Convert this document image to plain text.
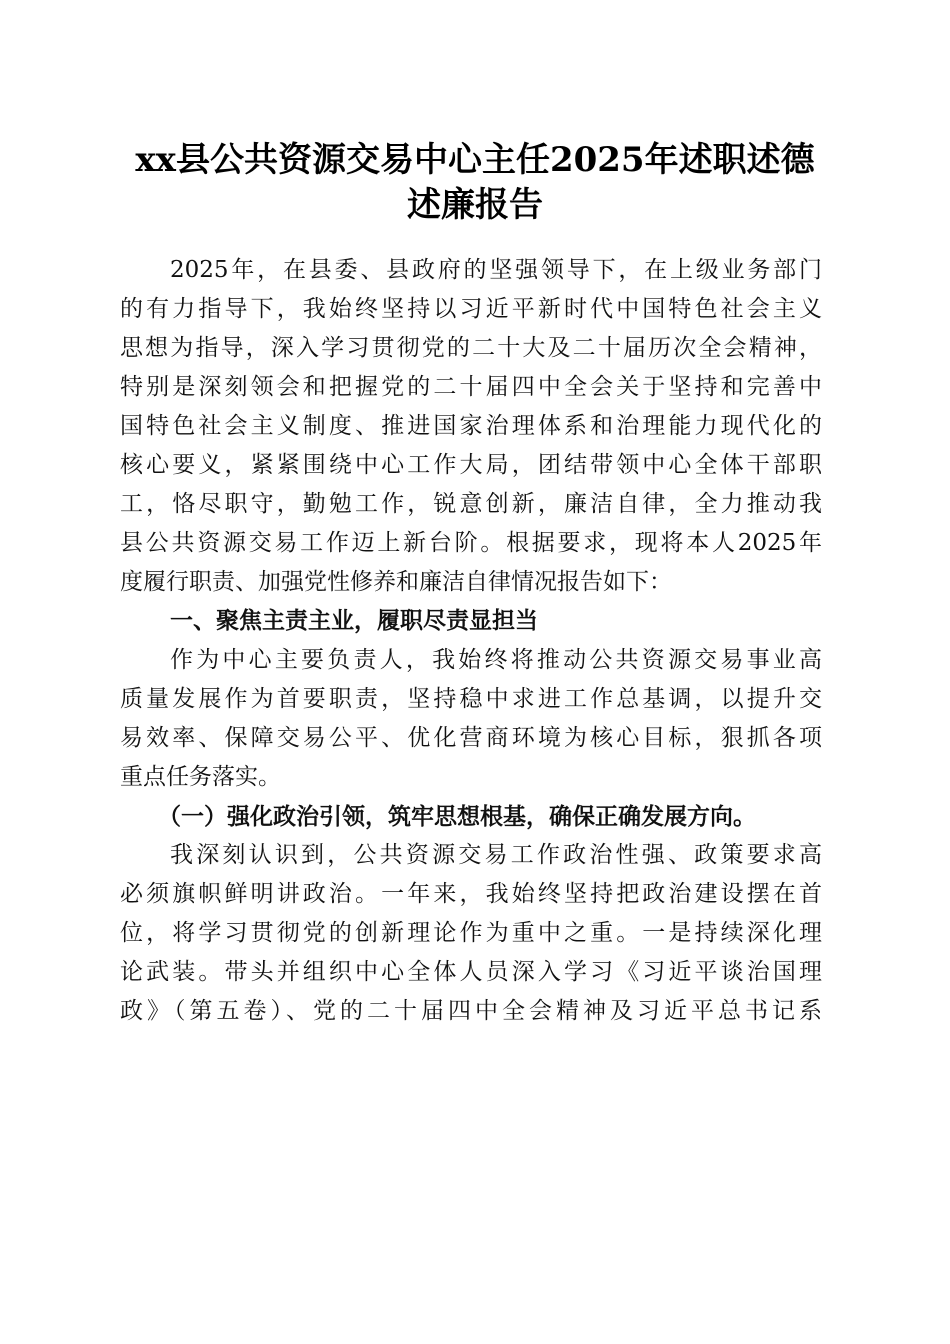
xx县公共资源交易中心主任2025年述职述德
述廉报告
2025年，在县委、县政府的坚强领导下，在上级业务部门
的有力指导下，我始终坚持以习近平新时代中国特色社会主义
思想为指导，深入学习贯彻党的二十大及二十届历次全会精神，
特别是深刻领会和把握党的二十届四中全会关于坚持和完善中
国特色社会主义制度、推进国家治理体系和治理能力现代化的
核心要义，紧紧围绕中心工作大局，团结带领中心全体干部职
工，恪尽职守，勤勉工作，锐意创新，廉洁自律，全力推动我
县公共资源交易工作迈上新台阶。根据要求，现将本人2025年
度履行职责、加强党性修养和廉洁自律情况报告如下：
一、聚焦主责主业，履职尽责显担当
作为中心主要负责人，我始终将推动公共资源交易事业高
质量发展作为首要职责，坚持稳中求进工作总基调，以提升交
易效率、保障交易公平、优化营商环境为核心目标，狠抓各项
重点任务落实。
（一）强化政治引领，筑牢思想根基，确保正确发展方向。
我深刻认识到，公共资源交易工作政治性强、政策要求高
必须旗帜鲜明讲政治。一年来，我始终坚持把政治建设摆在首
位，将学习贯彻党的创新理论作为重中之重。一是持续深化理
论武装。带头并组织中心全体人员深入学习《习近平谈治国理
政》（第五卷）、党的二十届四中全会精神及习近平总书记系
